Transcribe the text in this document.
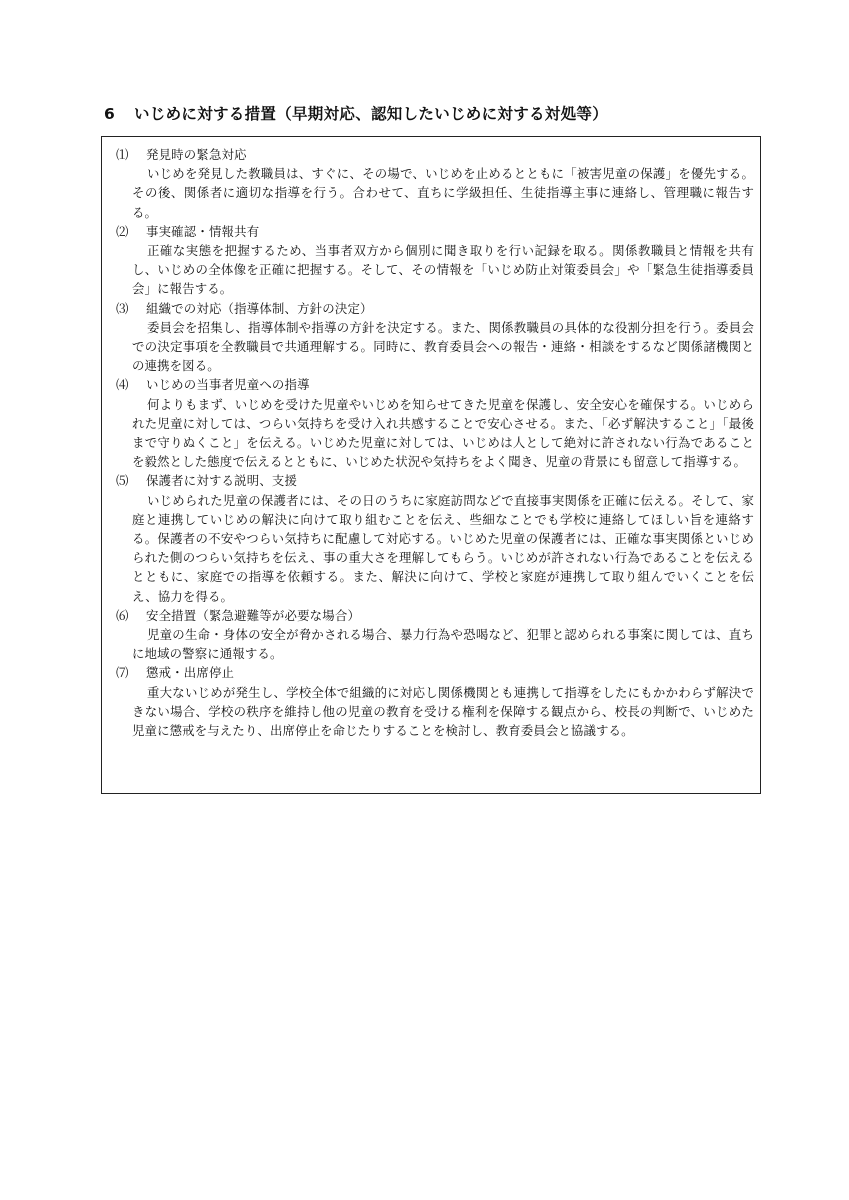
6 いじめに対する措置（早期対応、認知したいじめに対する対処等）
⑴ 発見時の緊急対応
いじめを発見した教職員は、すぐに、その場で、いじめを止めるとともに「被害児童の保護」を優先する。その後、関係者に適切な指導を行う。合わせて、直ちに学級担任、生徒指導主事に連絡し、管理職に報告する。
⑵ 事実確認・情報共有
正確な実態を把握するため、当事者双方から個別に聞き取りを行い記録を取る。関係教職員と情報を共有し、いじめの全体像を正確に把握する。そして、その情報を「いじめ防止対策委員会」や「緊急生徒指導委員会」に報告する。
⑶ 組織での対応（指導体制、方針の決定）
委員会を招集し、指導体制や指導の方針を決定する。また、関係教職員の具体的な役割分担を行う。委員会での決定事項を全教職員で共通理解する。同時に、教育委員会への報告・連絡・相談をするなど関係諸機関との連携を図る。
⑷ いじめの当事者児童への指導
何よりもまず、いじめを受けた児童やいじめを知らせてきた児童を保護し、安全安心を確保する。いじめられた児童に対しては、つらい気持ちを受け入れ共感することで安心させる。また、「必ず解決すること」「最後まで守りぬくこと」を伝える。いじめた児童に対しては、いじめは人として絶対に許されない行為であることを毅然とした態度で伝えるとともに、いじめた状況や気持ちをよく聞き、児童の背景にも留意して指導する。
⑸ 保護者に対する説明、支援
いじめられた児童の保護者には、その日のうちに家庭訪問などで直接事実関係を正確に伝える。そして、家庭と連携していじめの解決に向けて取り組むことを伝え、些細なことでも学校に連絡してほしい旨を連絡する。保護者の不安やつらい気持ちに配慮して対応する。いじめた児童の保護者には、正確な事実関係といじめられた側のつらい気持ちを伝え、事の重大さを理解してもらう。いじめが許されない行為であることを伝えるとともに、家庭での指導を依頼する。また、解決に向けて、学校と家庭が連携して取り組んでいくことを伝え、協力を得る。
⑹ 安全措置（緊急避難等が必要な場合）
児童の生命・身体の安全が脅かされる場合、暴力行為や恐喝など、犯罪と認められる事案に関しては、直ちに地域の警察に通報する。
⑺ 懲戒・出席停止
重大ないじめが発生し、学校全体で組織的に対応し関係機関とも連携して指導をしたにもかかわらず解決できない場合、学校の秩序を維持し他の児童の教育を受ける権利を保障する観点から、校長の判断で、いじめた児童に懲戒を与えたり、出席停止を命じたりすることを検討し、教育委員会と協議する。
